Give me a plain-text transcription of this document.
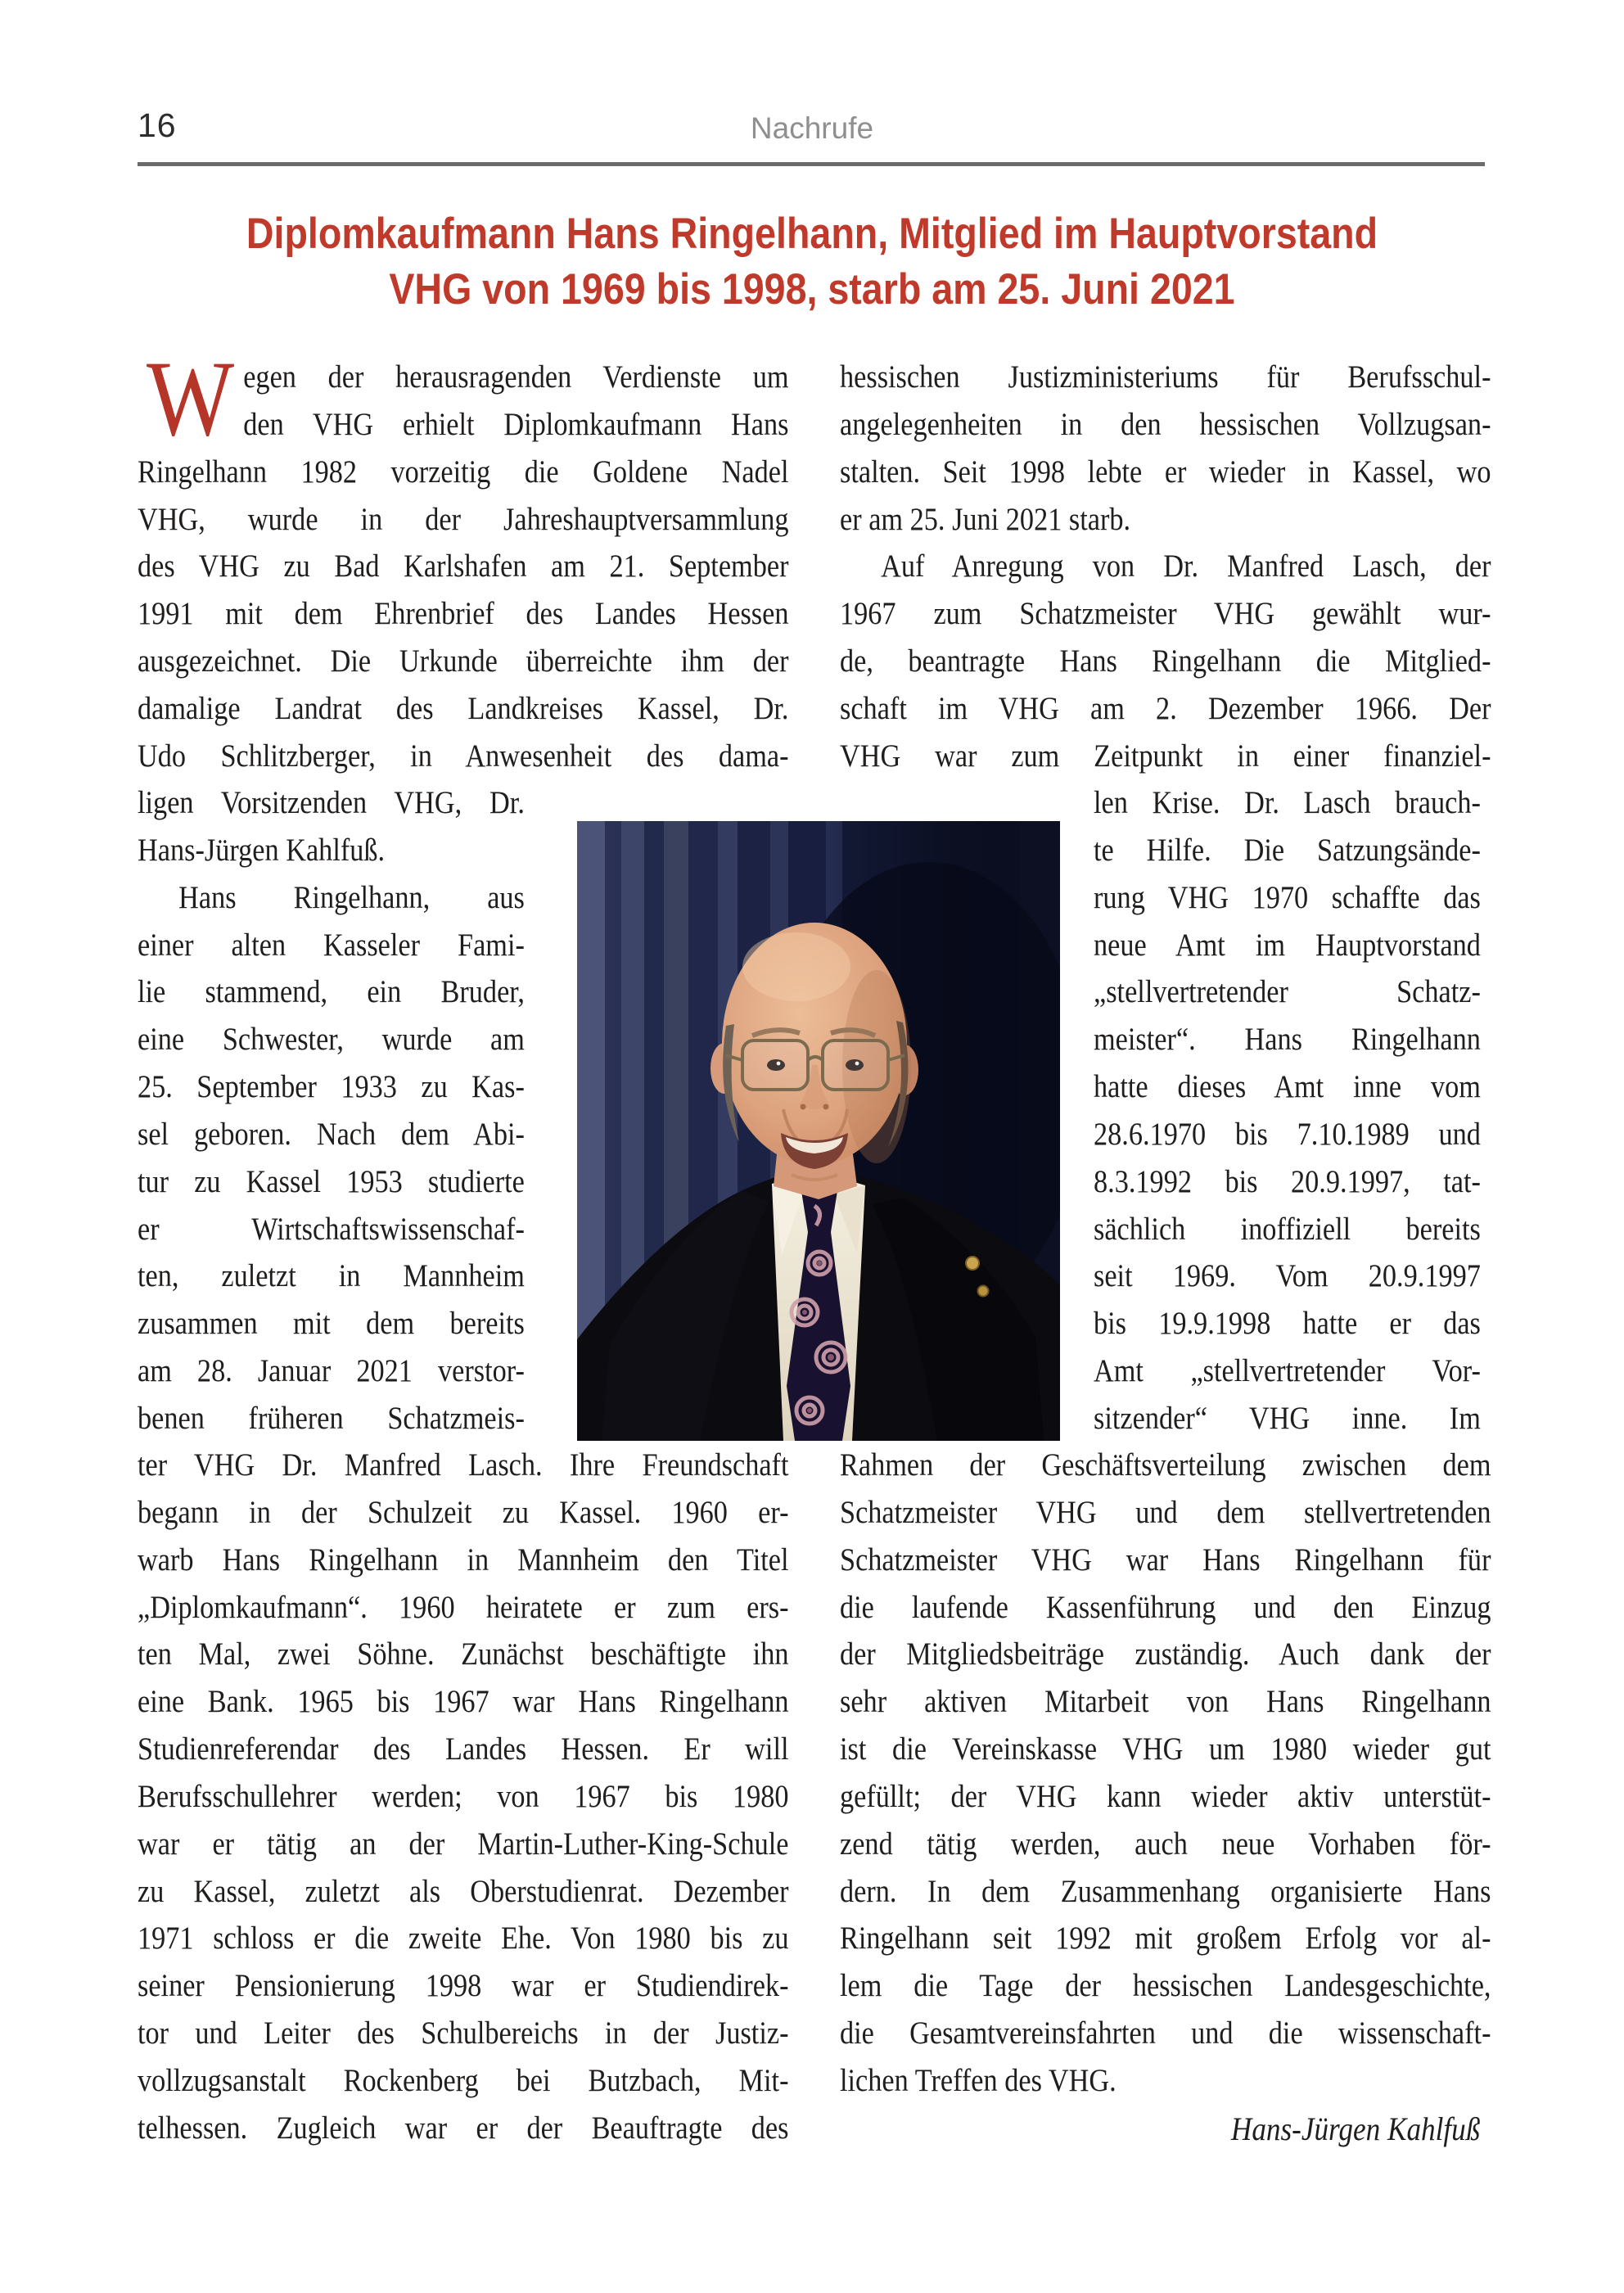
16	Nachrufe
Diplomkaufmann Hans Ringelhann, Mitglied im Hauptvorstand
VHG von 1969 bis 1998, starb am 25. Juni 2021
W egen der herausragenden Verdienste um
den VHG erhielt Diplomkaufmann Hans
Ringelhann 1982 vorzeitig die Goldene Nadel
VHG, wurde in der Jahreshauptversammlung
des VHG zu Bad Karlshafen am 21. September
1991 mit dem Ehrenbrief des Landes Hessen
ausgezeichnet. Die Urkunde überreichte ihm der
damalige Landrat des Landkreises Kassel, Dr.
Udo Schlitzberger, in Anwesenheit des dama-
ligen Vorsitzenden VHG, Dr.
Hans-Jürgen Kahlfuß.
Hans Ringelhann, aus
einer alten Kasseler Fami-
lie stammend, ein Bruder,
eine Schwester, wurde am
25. September 1933 zu Kas-
sel geboren. Nach dem Abi-
tur zu Kassel 1953 studierte
er Wirtschaftswissenschaf-
ten, zuletzt in Mannheim
zusammen mit dem bereits
am 28. Januar 2021 verstor-
benen früheren Schatzmeis-
ter VHG Dr. Manfred Lasch. Ihre Freundschaft
begann in der Schulzeit zu Kassel. 1960 er-
warb Hans Ringelhann in Mannheim den Titel
„Diplomkaufmann“. 1960 heiratete er zum ers-
ten Mal, zwei Söhne. Zunächst beschäftigte ihn
eine Bank. 1965 bis 1967 war Hans Ringelhann
Studienreferendar des Landes Hessen. Er will
Berufsschullehrer werden; von 1967 bis 1980
war er tätig an der Martin-Luther-King-Schule
zu Kassel, zuletzt als Oberstudienrat. Dezember
1971 schloss er die zweite Ehe. Von 1980 bis zu
seiner Pensionierung 1998 war er Studiendirek-
tor und Leiter des Schulbereichs in der Justiz-
vollzugsanstalt Rockenberg bei Butzbach, Mit-
telhessen. Zugleich war er der Beauftragte des
hessischen Justizministeriums für Berufsschul-
angelegenheiten in den hessischen Vollzugsan-
stalten. Seit 1998 lebte er wieder in Kassel, wo
er am 25. Juni 2021 starb.
Auf Anregung von Dr. Manfred Lasch, der
1967 zum Schatzmeister VHG gewählt wur-
de, beantragte Hans Ringelhann die Mitglied-
schaft im VHG am 2. Dezember 1966. Der
VHG war zum Zeitpunkt in einer finanziel-
len Krise. Dr. Lasch brauch-
te Hilfe. Die Satzungsände-
rung VHG 1970 schaffte das
neue Amt im Hauptvorstand
„stellvertretender Schatz-
meister“. Hans Ringelhann
hatte dieses Amt inne vom
28.6.1970 bis 7.10.1989 und
8.3.1992 bis 20.9.1997, tat-
sächlich inoffiziell bereits
seit 1969. Vom 20.9.1997
bis 19.9.1998 hatte er das
Amt „stellvertretender Vor-
sitzender“ VHG inne. Im
Rahmen der Geschäftsverteilung zwischen dem
Schatzmeister VHG und dem stellvertretenden
Schatzmeister VHG war Hans Ringelhann für
die laufende Kassenführung und den Einzug
der Mitgliedsbeiträge zuständig. Auch dank der
sehr aktiven Mitarbeit von Hans Ringelhann
ist die Vereinskasse VHG um 1980 wieder gut
gefüllt; der VHG kann wieder aktiv unterstüt-
zend tätig werden, auch neue Vorhaben för-
dern. In dem Zusammenhang organisierte Hans
Ringelhann seit 1992 mit großem Erfolg vor al-
lem die Tage der hessischen Landesgeschichte,
die Gesamtvereinsfahrten und die wissenschaft-
lichen Treffen des VHG.
Hans-Jürgen Kahlfuß
